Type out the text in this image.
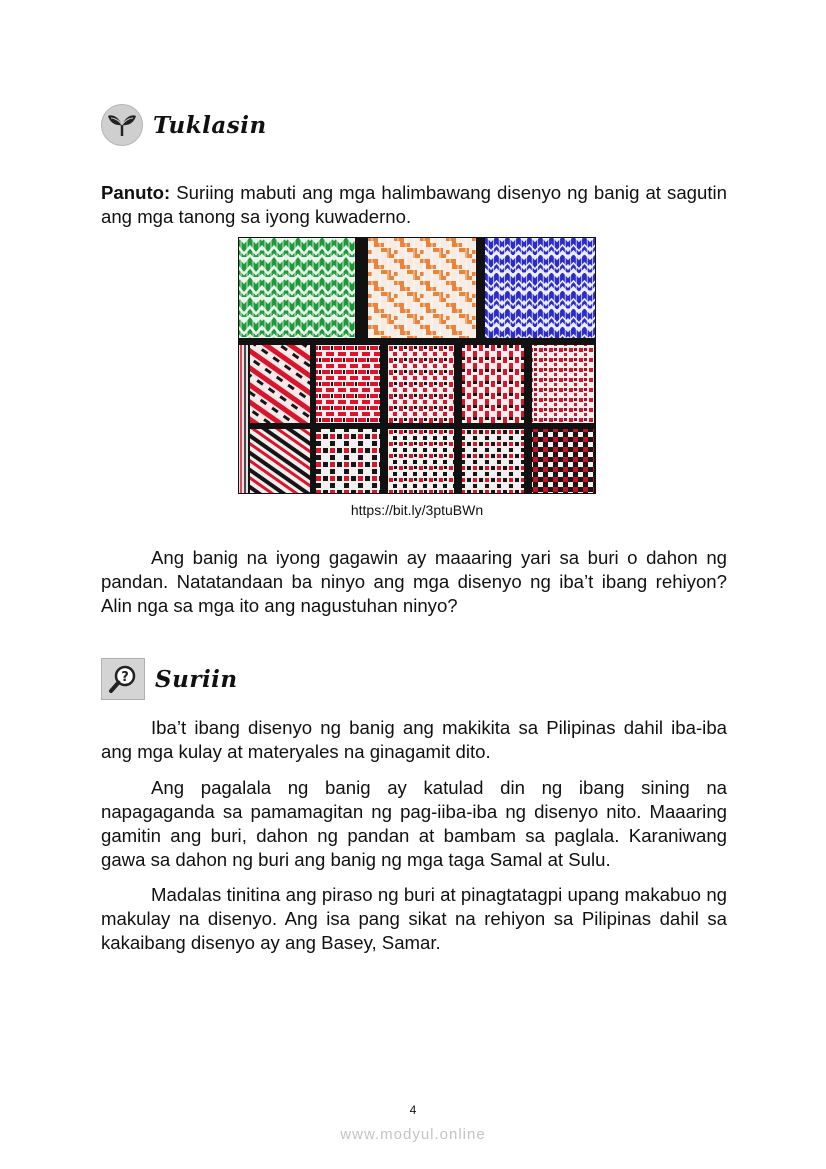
Tuklasin
Panuto: Suriing mabuti ang mga halimbawang disenyo ng banig at sagutin ang mga tanong sa iyong kuwaderno.
https://bit.ly/3ptuBWn
Ang banig na iyong gagawin ay maaaring yari sa buri o dahon ng pandan. Natatandaan ba ninyo ang mga disenyo ng iba’t ibang rehiyon? Alin nga sa mga ito ang nagustuhan ninyo?
? Suriin
Iba’t ibang disenyo ng banig ang makikita sa Pilipinas dahil iba-iba ang mga kulay at materyales na ginagamit dito.
Ang pagalala ng banig ay katulad din ng ibang sining na napagaganda sa pamamagitan ng pag-iiba-iba ng disenyo nito. Maaaring gamitin ang buri, dahon ng pandan at bambam sa paglala. Karaniwang gawa sa dahon ng buri ang banig ng mga taga Samal at Sulu.
Madalas tinitina ang piraso ng buri at pinagtatagpi upang makabuo ng makulay na disenyo. Ang isa pang sikat na rehiyon sa Pilipinas dahil sa kakaibang disenyo ay ang Basey, Samar.
4
www.modyul.online
